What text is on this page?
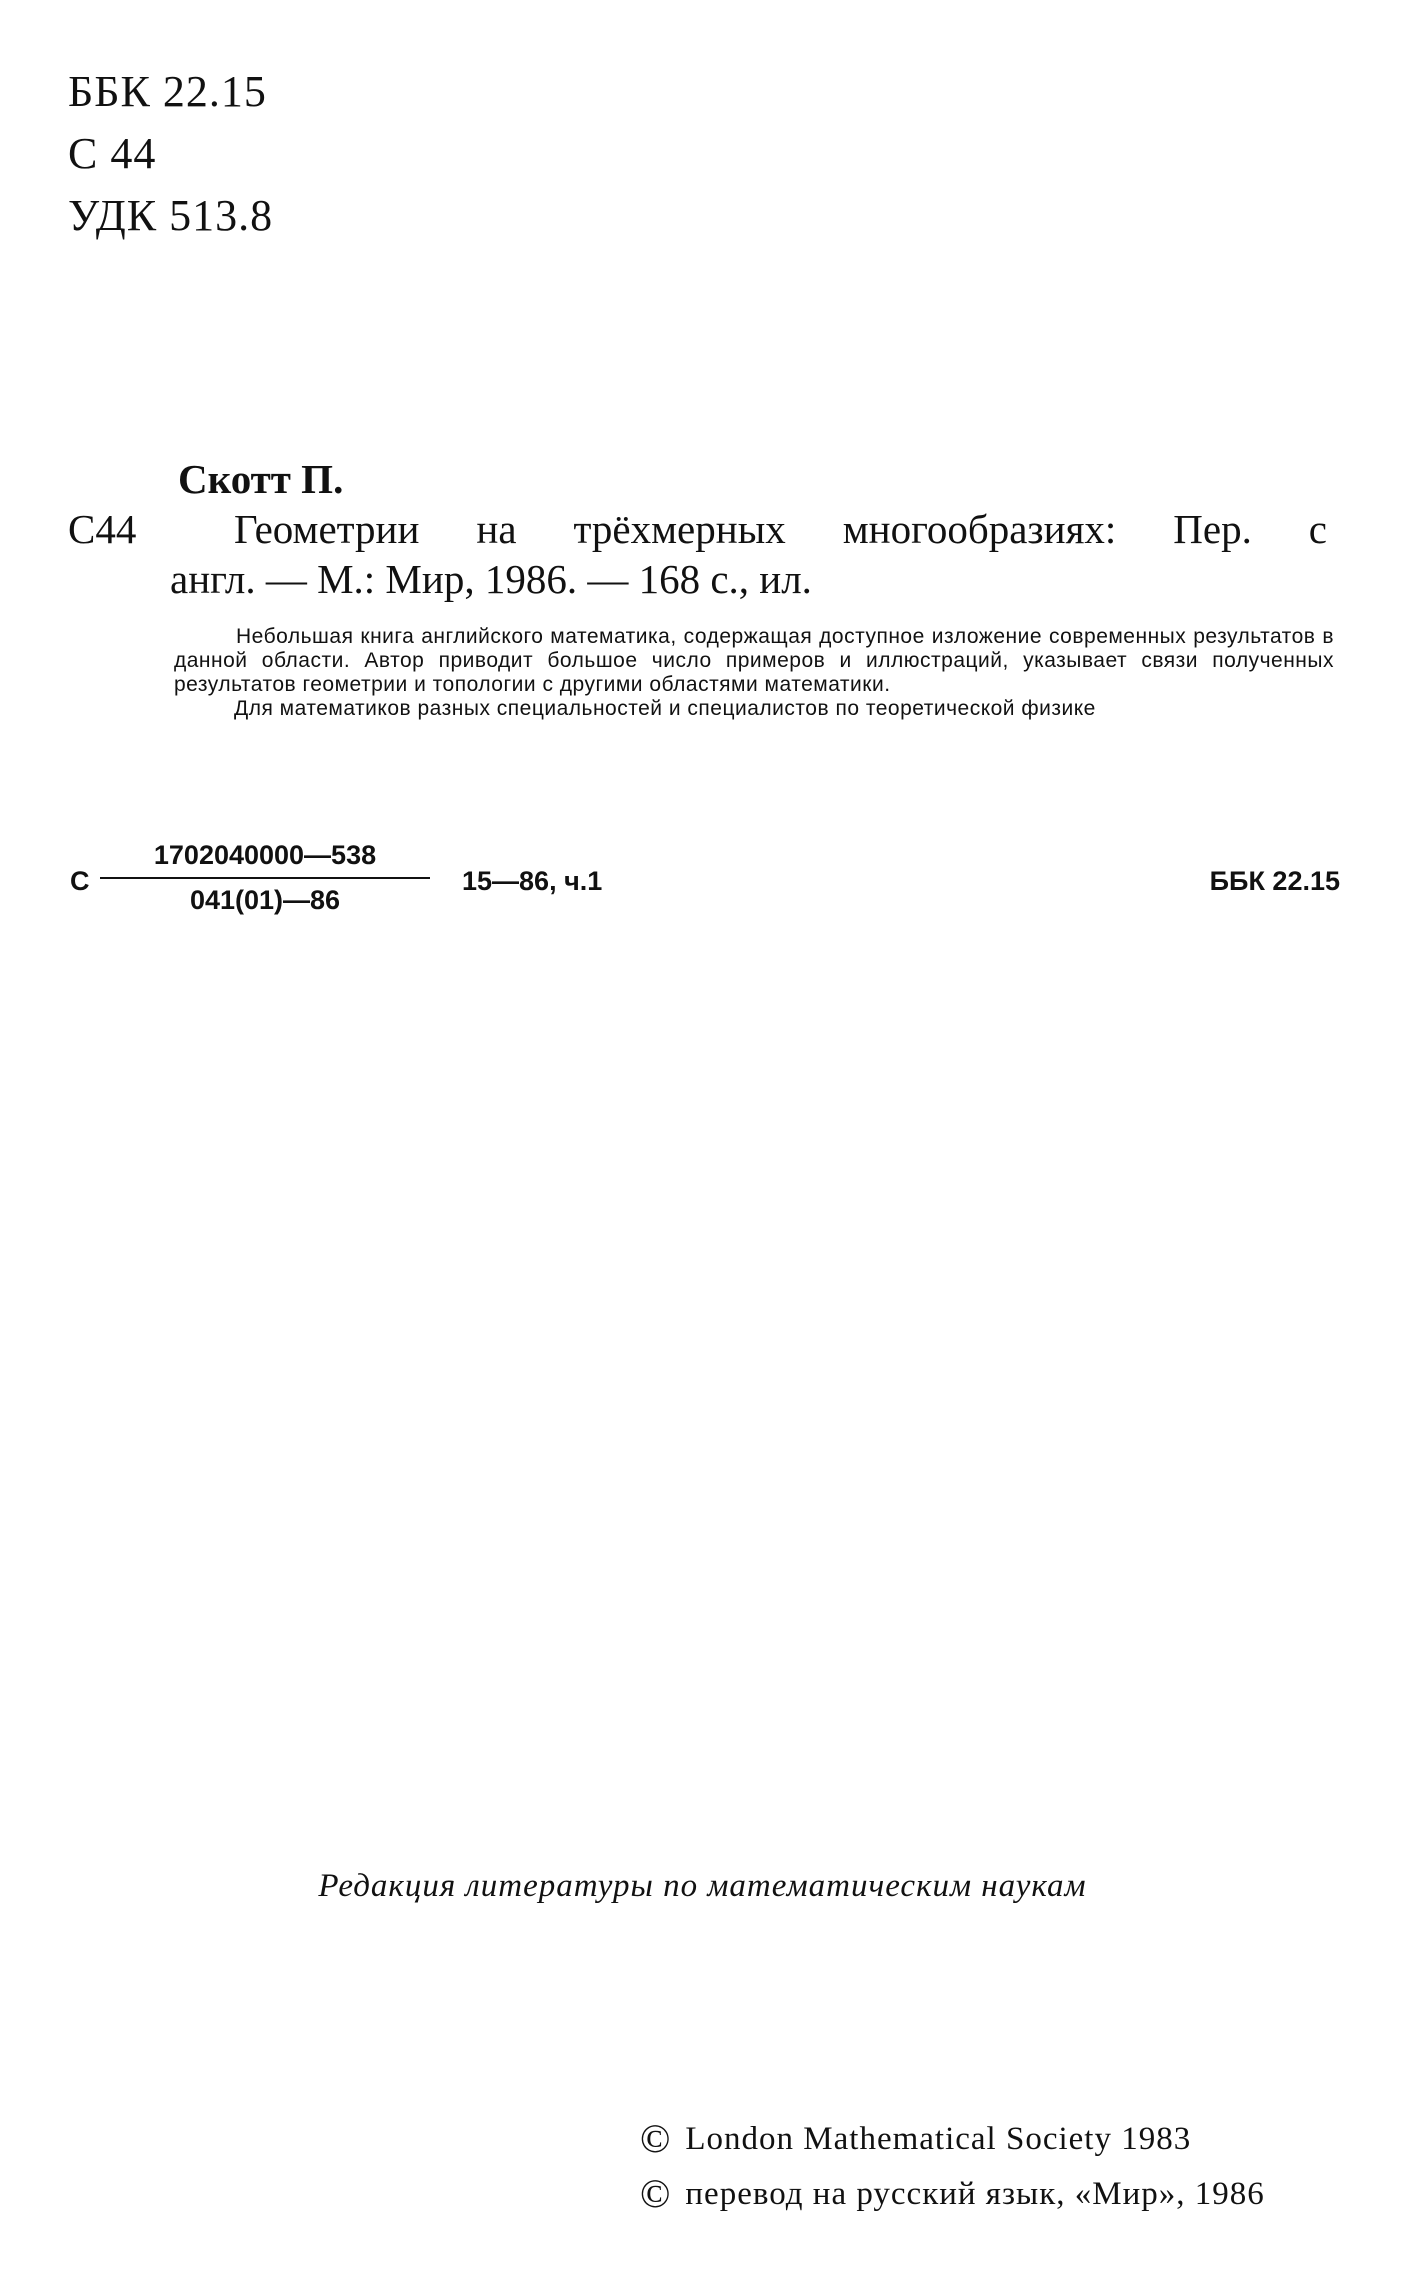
ББК 22.15
С 44
УДК 513.8
Скотт П.
С44 Геометрии на трёхмерных многообразиях: Пер. с
англ. — М.: Мир, 1986. — 168 с., ил.

Небольшая книга английского математика, содержащая доступное изложение современных результатов в данной области. Автор приводит большое число примеров и иллюстраций, указывает связи полученных результатов геометрии и топологии с другими областями математики.

Для математиков разных специальностей и специалистов по теоретической физике

С $\frac{1702040000—538}{041(01)—86}$ 15—86, ч.1	ББК 22.15
Редакция литературы по математическим наукам
© London Mathematical Society 1983
© перевод на русский язык, «Мир», 1986
